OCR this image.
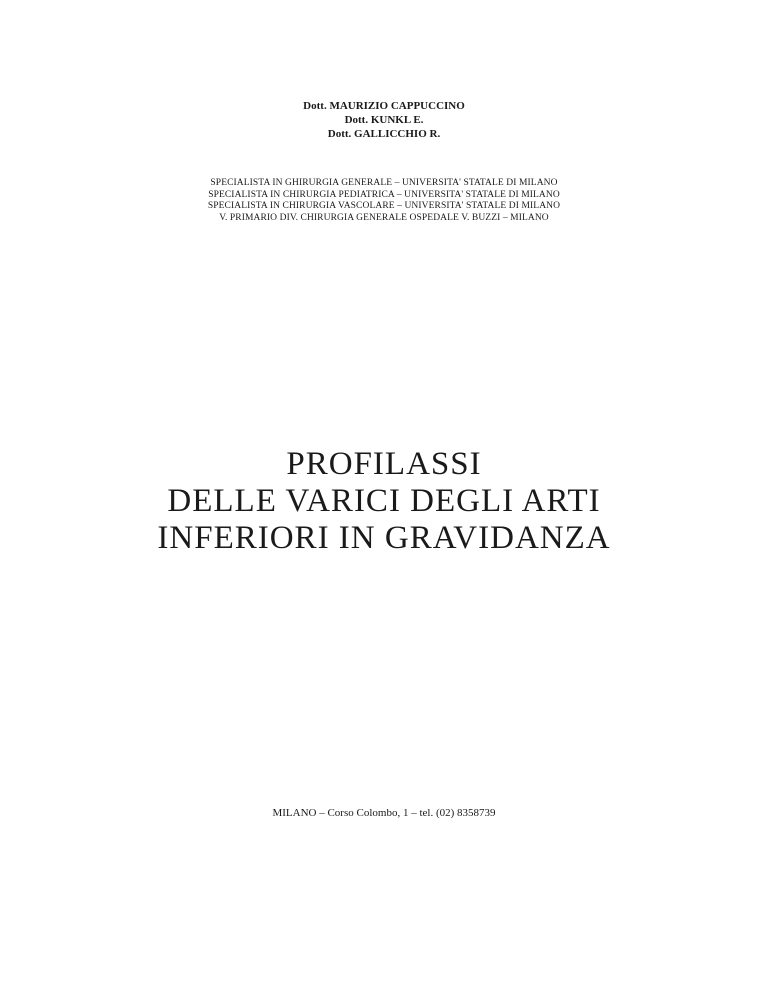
Dott. MAURIZIO CAPPUCCINO
Dott. KUNKL E.
Dott. GALLICCHIO R.
SPECIALISTA IN GHIRURGIA GENERALE – UNIVERSITA' STATALE DI MILANO
SPECIALISTA IN CHIRURGIA PEDIATRICA – UNIVERSITA' STATALE DI MILANO
SPECIALISTA IN CHIRURGIA VASCOLARE – UNIVERSITA' STATALE DI MILANO
V. PRIMARIO DIV. CHIRURGIA GENERALE OSPEDALE V. BUZZI – MILANO
PROFILASSI
DELLE VARICI DEGLI ARTI
INFERIORI IN GRAVIDANZA
MILANO – Corso Colombo, 1 – tel. (02) 8358739
